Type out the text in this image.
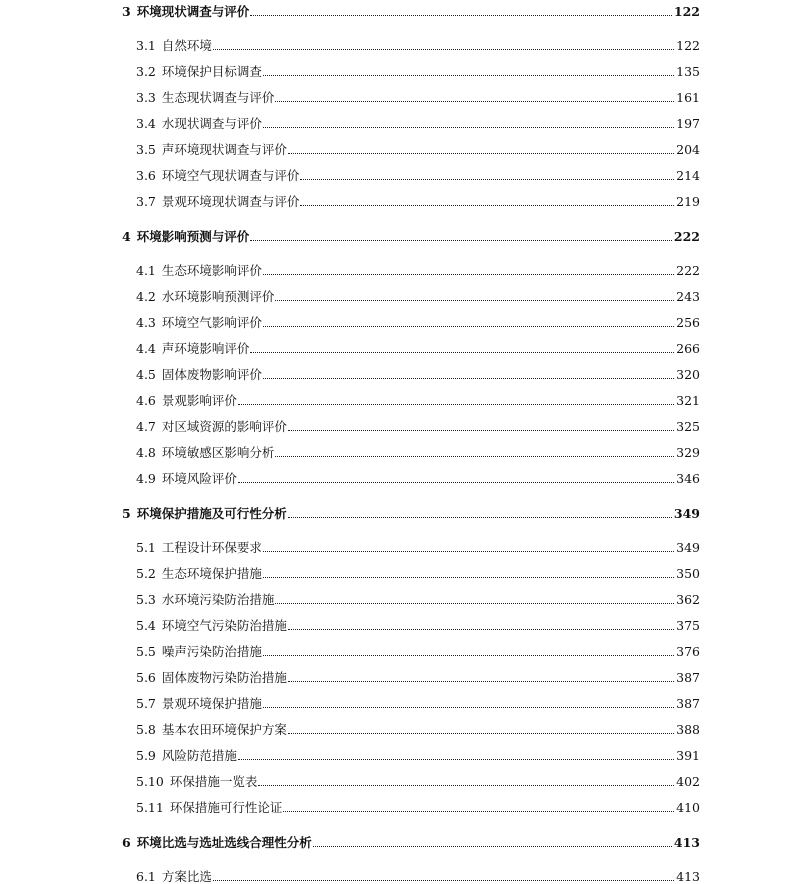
3 环境现状调查与评价	122
3.1 自然环境	122
3.2 环境保护目标调查	135
3.3 生态现状调查与评价	161
3.4 水现状调查与评价	197
3.5 声环境现状调查与评价	204
3.6 环境空气现状调查与评价	214
3.7 景观环境现状调查与评价	219
4 环境影响预测与评价	222
4.1 生态环境影响评价	222
4.2 水环境影响预测评价	243
4.3 环境空气影响评价	256
4.4 声环境影响评价	266
4.5 固体废物影响评价	320
4.6 景观影响评价	321
4.7 对区域资源的影响评价	325
4.8 环境敏感区影响分析	329
4.9 环境风险评价	346
5 环境保护措施及可行性分析	349
5.1 工程设计环保要求	349
5.2 生态环境保护措施	350
5.3 水环境污染防治措施	362
5.4 环境空气污染防治措施	375
5.5 噪声污染防治措施	376
5.6 固体废物污染防治措施	387
5.7 景观环境保护措施	387
5.8 基本农田环境保护方案	388
5.9 风险防范措施	391
5.10 环保措施一览表	402
5.11 环保措施可行性论证	410
6 环境比选与选址选线合理性分析	413
6.1 方案比选	413
